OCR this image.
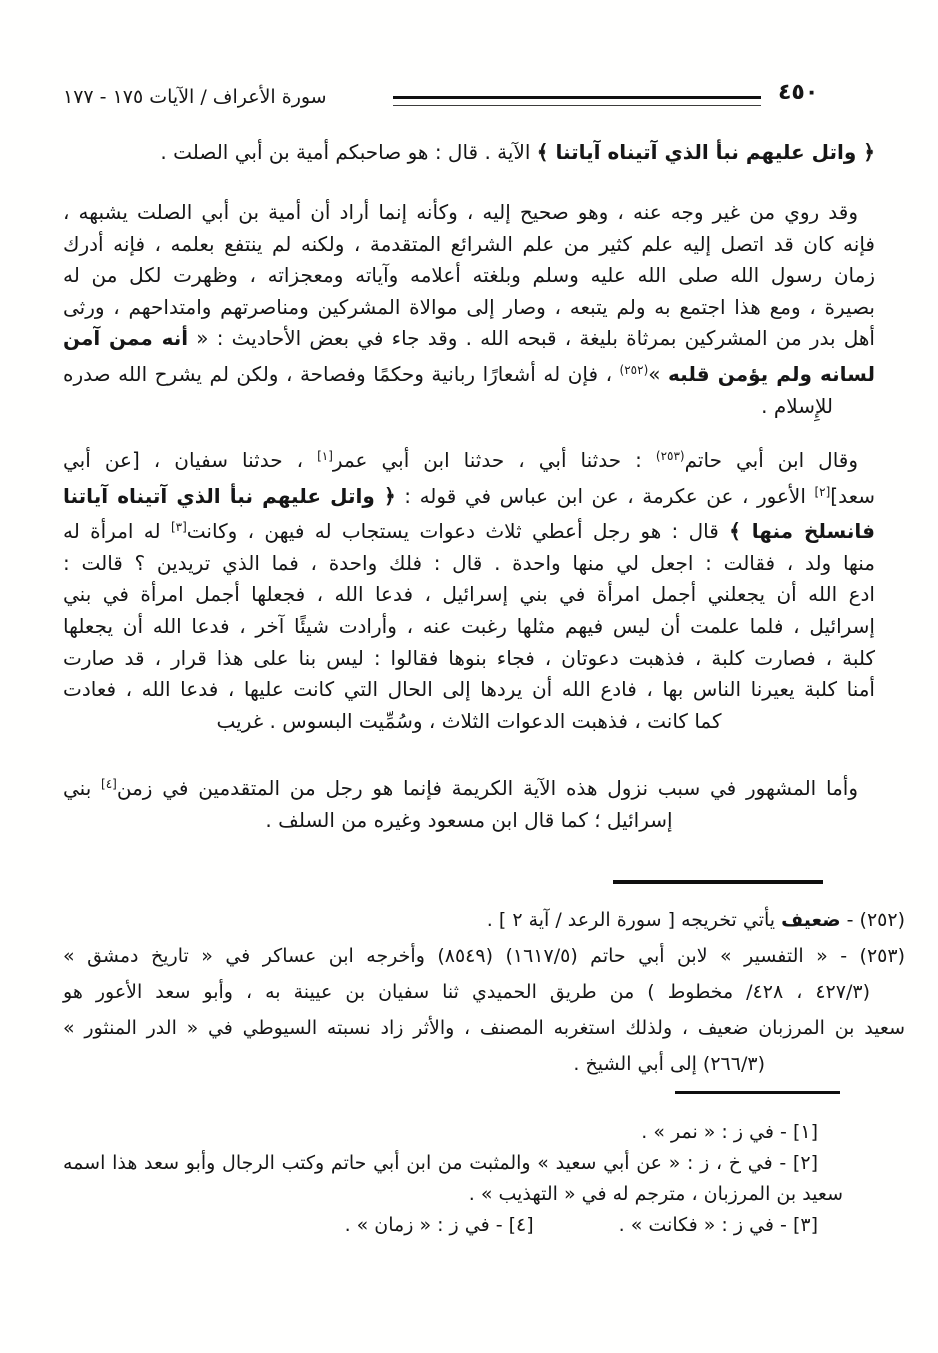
سورة الأعراف / الآيات ١٧٥ - ١٧٧	٤٥٠
﴿ واتل عليهم نبأ الذي آتيناه آياتنا ﴾ الآية . قال : هو صاحبكم أمية بن أبي الصلت .
وقد روي من غير وجه عنه ، وهو صحيح إليه ، وكأنه إنما أراد أن أمية بن أبي الصلت يشبهه ،
فإنه كان قد اتصل إليه علم كثير من علم الشرائع المتقدمة ، ولكنه لم ينتفع بعلمه ، فإنه أدرك
زمان رسول الله صلى الله عليه وسلم وبلغته أعلامه وآياته ومعجزاته ، وظهرت لكل من له
بصيرة ، ومع هذا اجتمع به ولم يتبعه ، وصار إلى موالاة المشركين ومناصرتهم وامتداحهم ، ورثى
أهل بدر من المشركين بمرثاة بليغة ، قبحه الله . وقد جاء في بعض الأحاديث : « أنه ممن آمن
لسانه ولم يؤمن قلبه »$^{(٢٥٢)}$ ، فإن له أشعارًا ربانية وحكمًا وفصاحة ، ولكن لم يشرح الله صدره
للإِسلام .
وقال ابن أبي حاتم$^{(٢٥٣)}$ : حدثنا أبي ، حدثنا ابن أبي عمر[١] ، حدثنا سفيان ، [عن أبي
سعد][٢] الأعور ، عن عكرمة ، عن ابن عباس في قوله : ﴿ واتل عليهم نبأ الذي آتيناه آياتنا
فانسلخ منها ﴾ قال : هو رجل أعطي ثلاث دعوات يستجاب له فيهن ، وكانت[٣] له امرأة له
منها ولد ، فقالت : اجعل لي منها واحدة . قال : فلك واحدة ، فما الذي تريدين ؟ قالت :
ادع الله أن يجعلني أجمل امرأة في بني إسرائيل ، فدعا الله ، فجعلها أجمل امرأة في بني
إسرائيل ، فلما علمت أن ليس فيهم مثلها رغبت عنه ، وأرادت شيئًا آخر ، فدعا الله أن يجعلها
كلبة ، فصارت كلبة ، فذهبت دعوتان ، فجاء بنوها فقالوا : ليس بنا على هذا قرار ، قد صارت
أمنا كلبة يعيرنا الناس بها ، فادع الله أن يردها إلى الحال التي كانت عليها ، فدعا الله ، فعادت
كما كانت ، فذهبت الدعوات الثلاث ، وسُمِّيت البسوس . غريب
وأما المشهور في سبب نزول هذه الآية الكريمة فإنما هو رجل من المتقدمين في زمن[٤] بني
إسرائيل ؛ كما قال ابن مسعود وغيره من السلف .
(٢٥٢) - ضعيف يأتي تخريجه [ سورة الرعد / آية ٢ ] .
(٢٥٣) - « التفسير » لابن أبي حاتم (١٦١٧/٥) (٨٥٤٩) وأخرجه ابن عساكر في « تاريخ دمشق »
(٤٢٧/٣ ، ٤٢٨/ مخطوط ) من طريق الحميدي ثنا سفيان بن عيينة به ، وأبو سعد الأعور هو
سعيد بن المرزبان ضعيف ، ولذلك استغربه المصنف ، والأثر زاد نسبته السيوطي في « الدر المنثور »
(٢٦٦/٣) إلى أبي الشيخ .
[١] - في ز : « نمر » .
[٢] - في خ ، ز : « عن أبي سعيد » والمثبت من ابن أبي حاتم وكتب الرجال وأبو سعد هذا اسمه
سعيد بن المرزبان ، مترجم له في « التهذيب » .
[٣] - في ز : « فكانت » .
[٤] - في ز : « زمان » .
